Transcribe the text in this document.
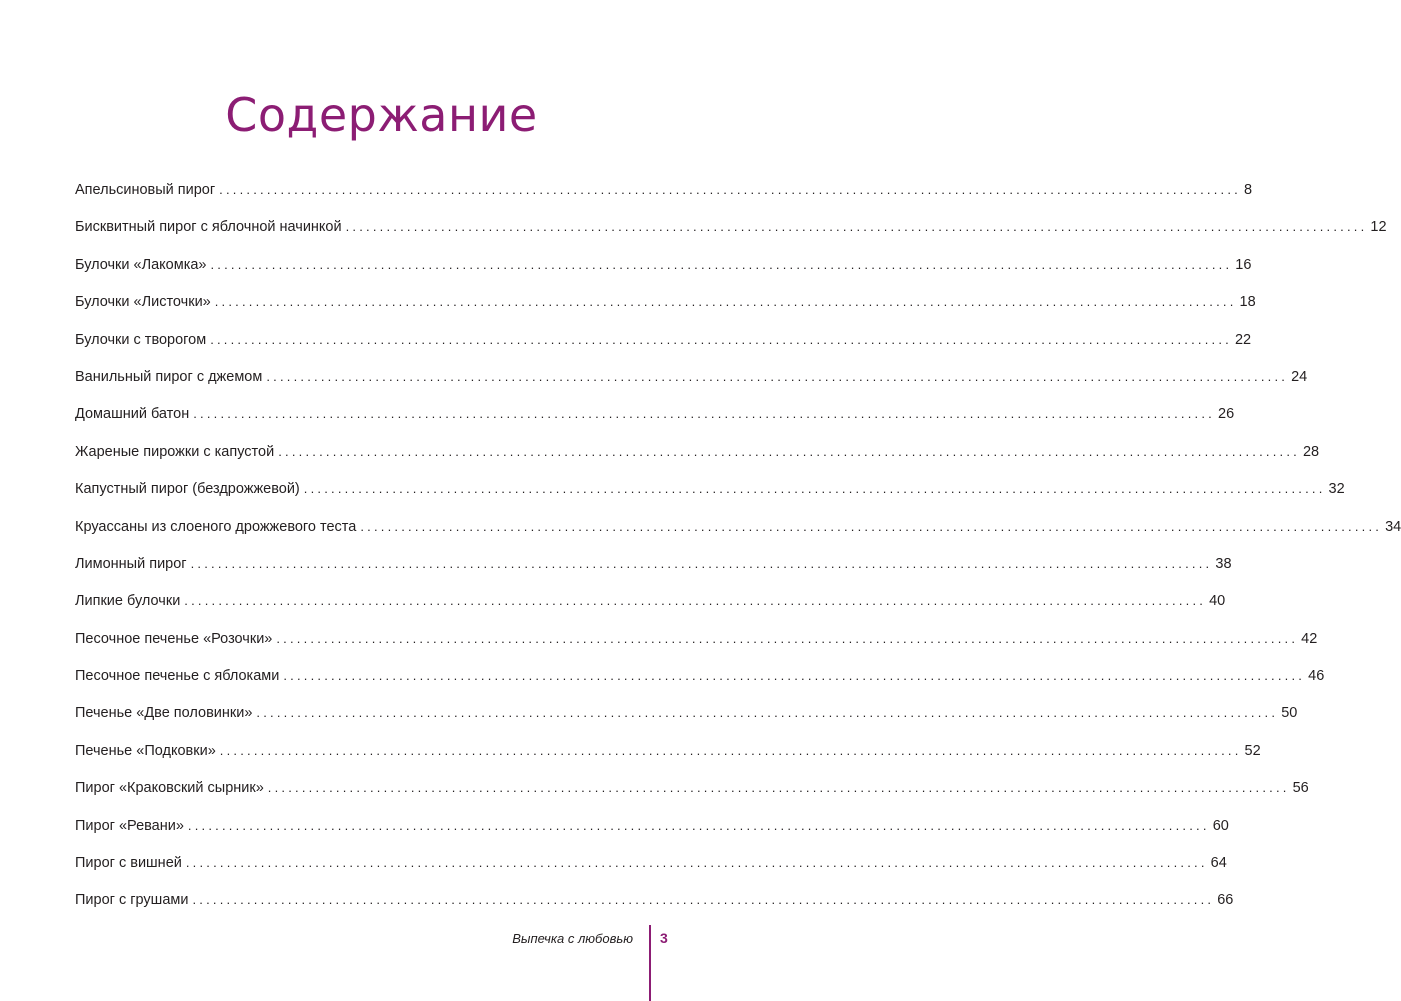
Содержание
Апельсиновый пирог ...................................................................................................................................................... 8
Бисквитный пирог с яблочной начинкой ...................................................................................................................................................... 12
Булочки «Лакомка» ...................................................................................................................................................... 16
Булочки «Листочки» ...................................................................................................................................................... 18
Булочки с творогом ...................................................................................................................................................... 22
Ванильный пирог с джемом ...................................................................................................................................................... 24
Домашний батон ...................................................................................................................................................... 26
Жареные пирожки с капустой ...................................................................................................................................................... 28
Капустный пирог (бездрожжевой) ...................................................................................................................................................... 32
Круассаны из слоеного дрожжевого теста ...................................................................................................................................................... 34
Лимонный пирог ...................................................................................................................................................... 38
Липкие булочки ...................................................................................................................................................... 40
Песочное печенье «Розочки» ...................................................................................................................................................... 42
Песочное печенье с яблоками ...................................................................................................................................................... 46
Печенье «Две половинки» ...................................................................................................................................................... 50
Печенье «Подковки» ...................................................................................................................................................... 52
Пирог «Краковский сырник» ...................................................................................................................................................... 56
Пирог «Ревани» ...................................................................................................................................................... 60
Пирог с вишней ...................................................................................................................................................... 64
Пирог с грушами ...................................................................................................................................................... 66
Выпечка с любовью 3
